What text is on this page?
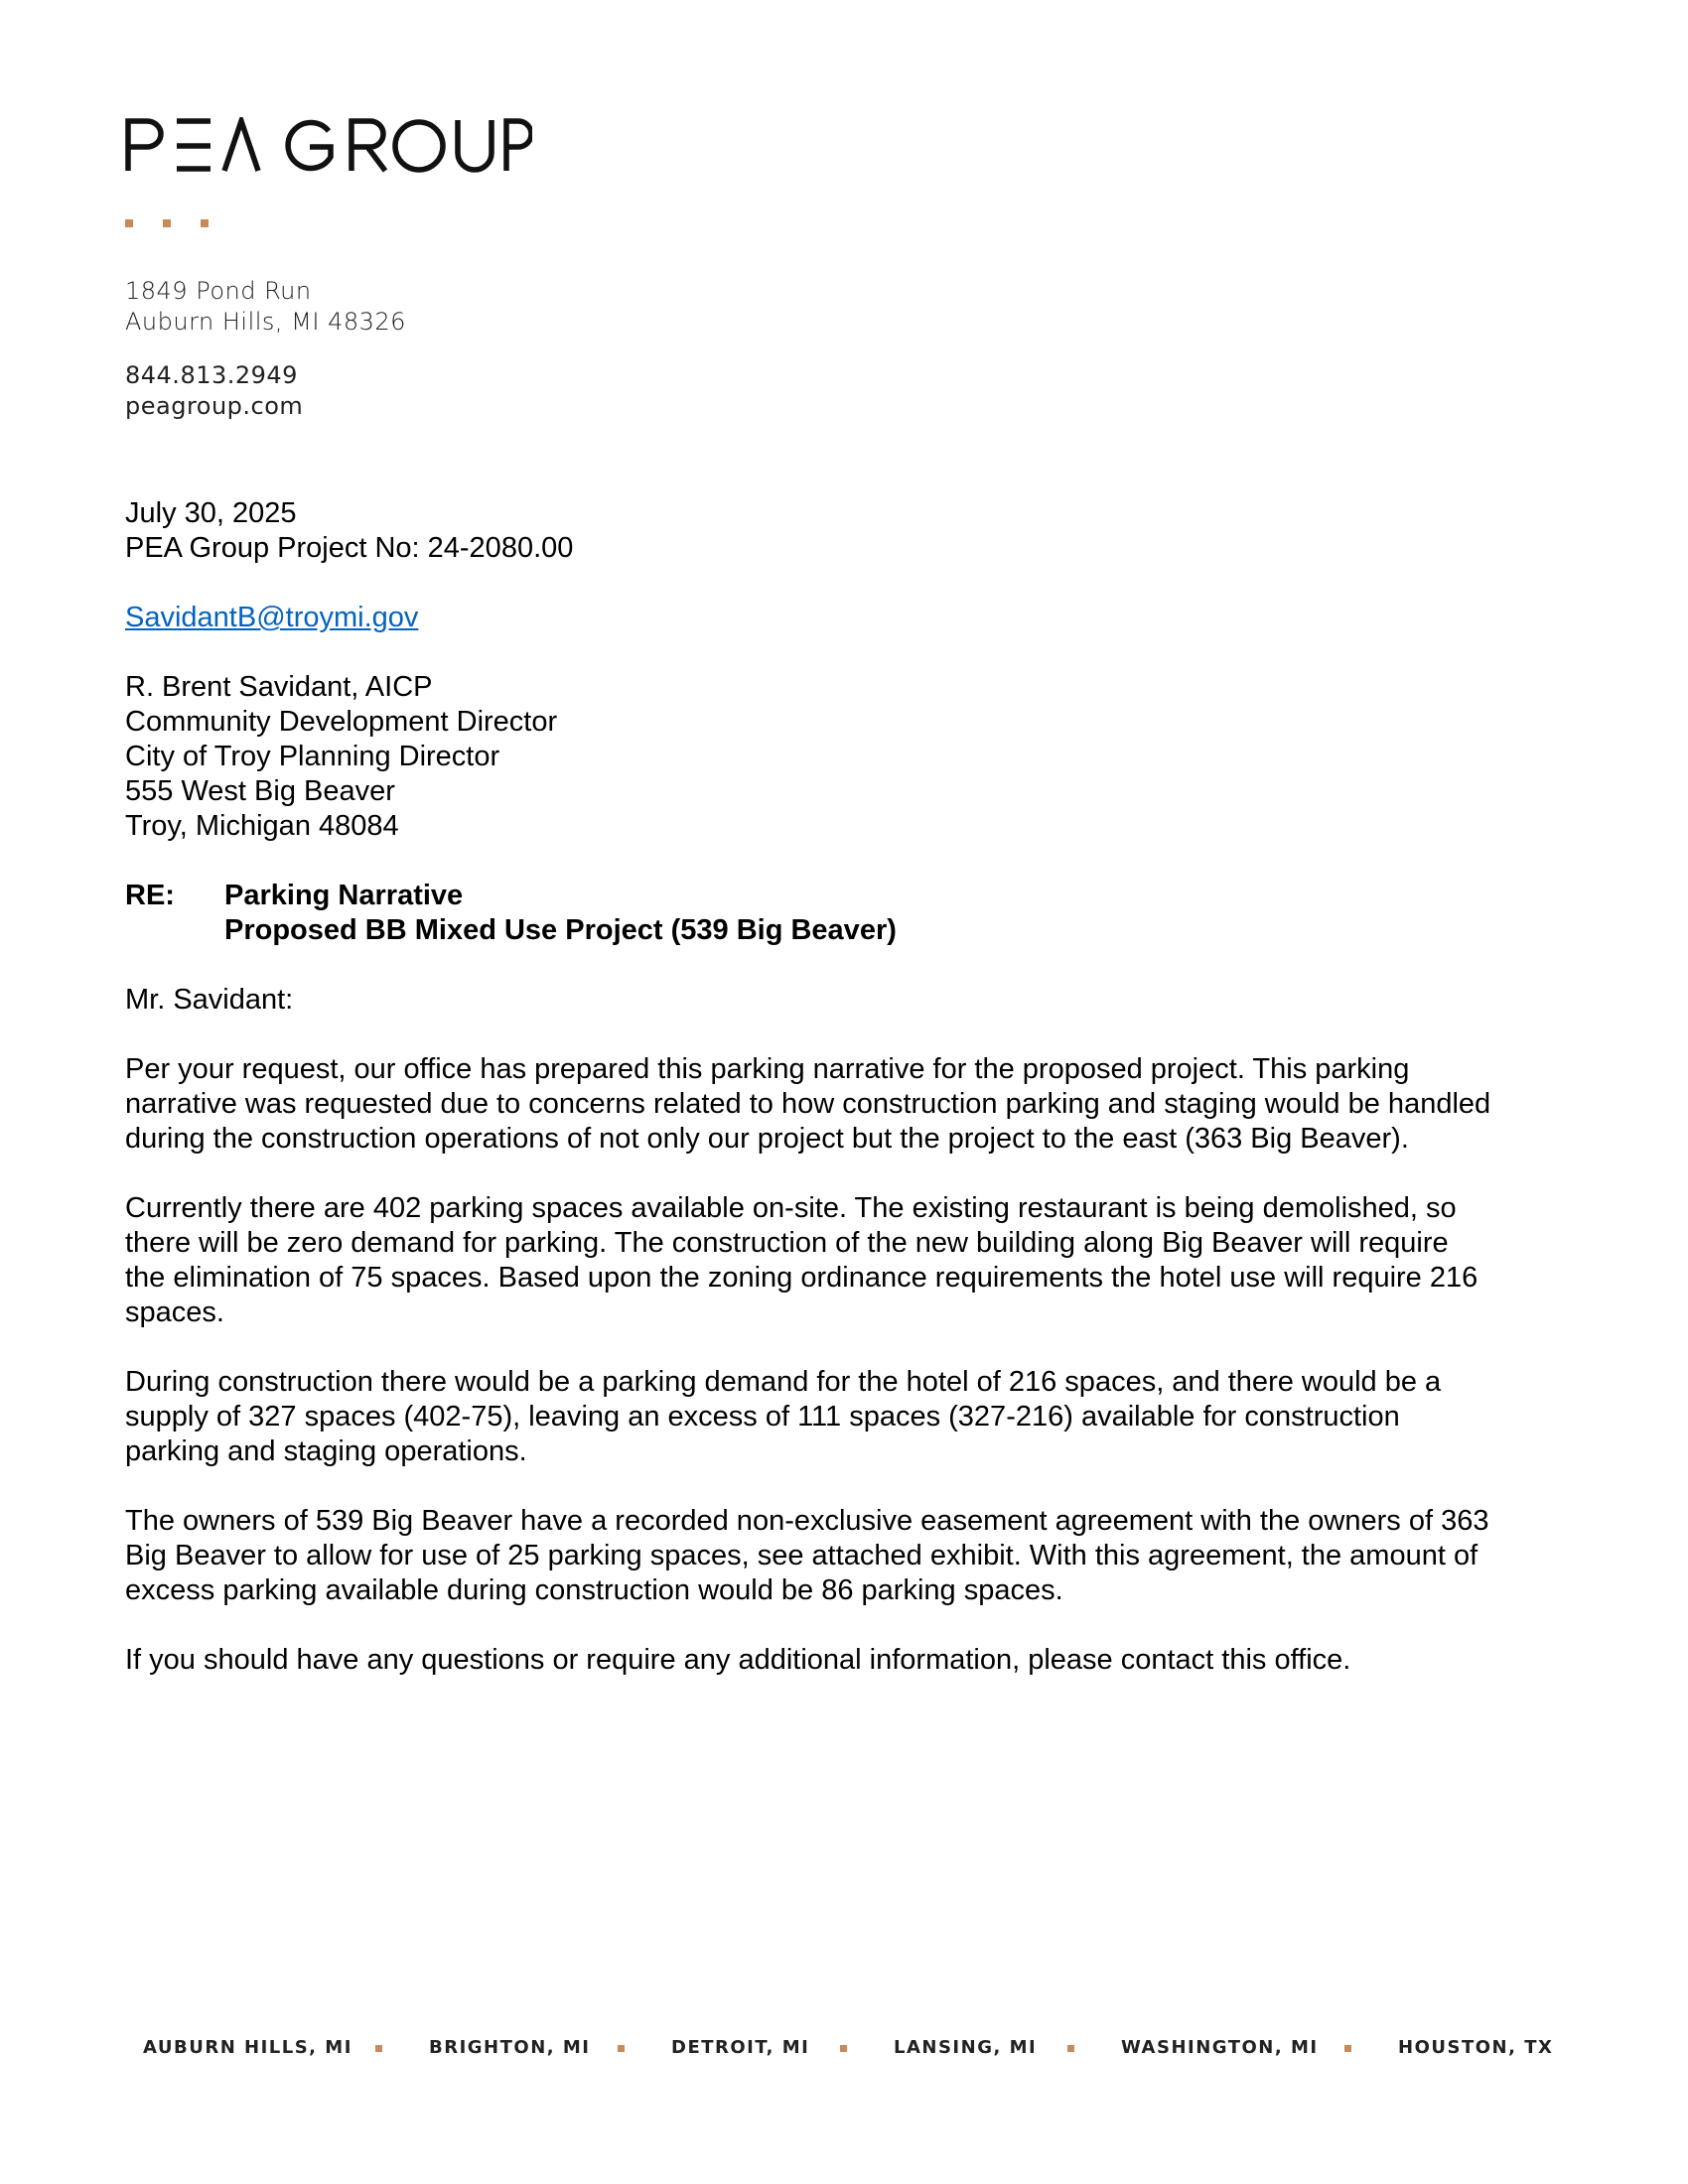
1849 Pond Run
Auburn Hills, MI 48326
844.813.2949
peagroup.com
July 30, 2025
PEA Group Project No: 24-2080.00
SavidantB@troymi.gov
R. Brent Savidant, AICP
Community Development Director
City of Troy Planning Director
555 West Big Beaver
Troy, Michigan 48084
RE: Parking Narrative
Proposed BB Mixed Use Project (539 Big Beaver)
Mr. Savidant:
Per your request, our office has prepared this parking narrative for the proposed project. This parking
narrative was requested due to concerns related to how construction parking and staging would be handled
during the construction operations of not only our project but the project to the east (363 Big Beaver).
Currently there are 402 parking spaces available on-site. The existing restaurant is being demolished, so
there will be zero demand for parking. The construction of the new building along Big Beaver will require
the elimination of 75 spaces. Based upon the zoning ordinance requirements the hotel use will require 216
spaces.
During construction there would be a parking demand for the hotel of 216 spaces, and there would be a
supply of 327 spaces (402-75), leaving an excess of 111 spaces (327-216) available for construction
parking and staging operations.
The owners of 539 Big Beaver have a recorded non-exclusive easement agreement with the owners of 363
Big Beaver to allow for use of 25 parking spaces, see attached exhibit. With this agreement, the amount of
excess parking available during construction would be 86 parking spaces.
If you should have any questions or require any additional information, please contact this office.
AUBURN HILLS, MI	BRIGHTON, MI	DETROIT, MI	LANSING, MI	WASHINGTON, MI	HOUSTON, TX
